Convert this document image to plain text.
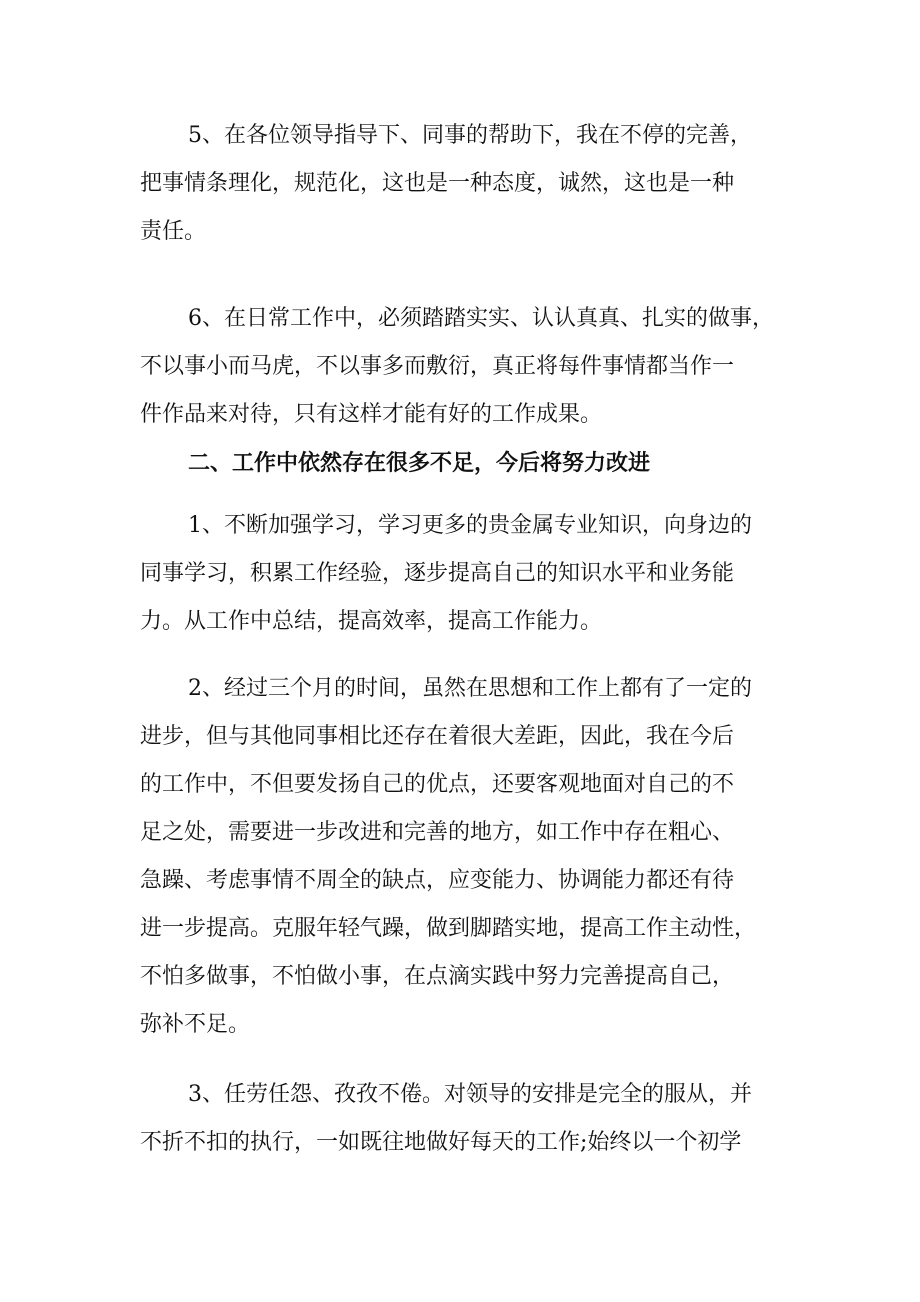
5、在各位领导指导下、同事的帮助下，我在不停的完善，
把事情条理化，规范化，这也是一种态度，诚然，这也是一种
责任。
6、在日常工作中，必须踏踏实实、认认真真、扎实的做事，
不以事小而马虎，不以事多而敷衍，真正将每件事情都当作一
件作品来对待，只有这样才能有好的工作成果。
二、工作中依然存在很多不足，今后将努力改进
1、不断加强学习，学习更多的贵金属专业知识，向身边的
同事学习，积累工作经验，逐步提高自己的知识水平和业务能
力。从工作中总结，提高效率，提高工作能力。
2、经过三个月的时间，虽然在思想和工作上都有了一定的
进步，但与其他同事相比还存在着很大差距，因此，我在今后
的工作中，不但要发扬自己的优点，还要客观地面对自己的不
足之处，需要进一步改进和完善的地方，如工作中存在粗心、
急躁、考虑事情不周全的缺点，应变能力、协调能力都还有待
进一步提高。克服年轻气躁，做到脚踏实地，提高工作主动性，
不怕多做事，不怕做小事，在点滴实践中努力完善提高自己，
弥补不足。
3、任劳任怨、孜孜不倦。对领导的安排是完全的服从，并
不折不扣的执行，一如既往地做好每天的工作;始终以一个初学
